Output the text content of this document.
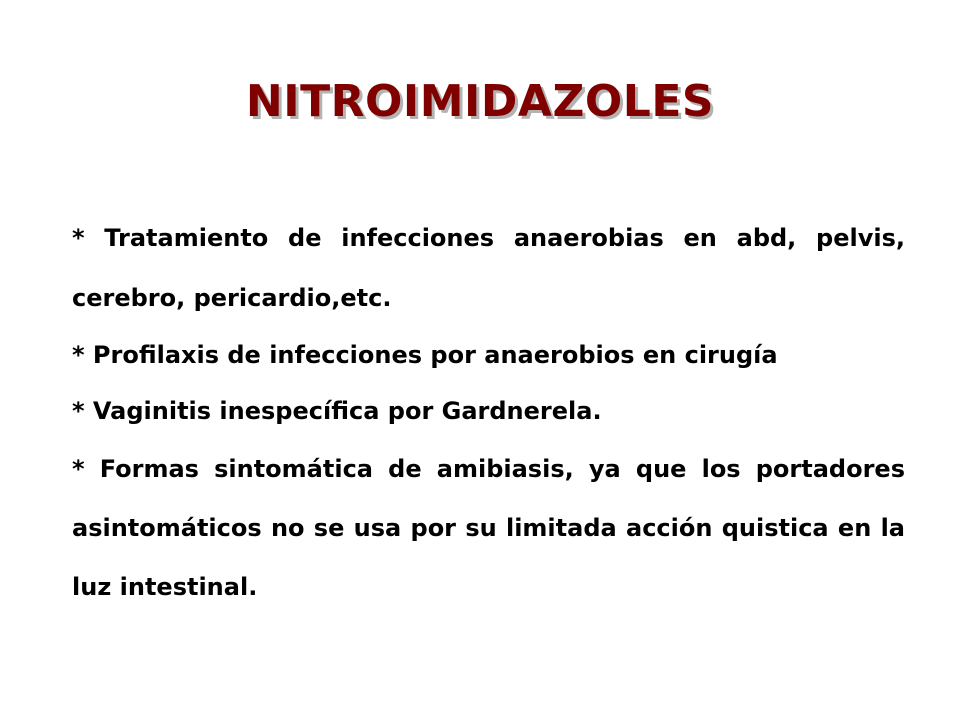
NITROIMIDAZOLES

* Tratamiento de infecciones anaerobias en abd, pelvis, cerebro, pericardio,etc.

* Profilaxis de infecciones por anaerobios en cirugía

* Vaginitis inespecífica por Gardnerela.

* Formas sintomática de amibiasis, ya que los portadores asintomáticos no se usa por su limitada acción quistica en la luz intestinal.
